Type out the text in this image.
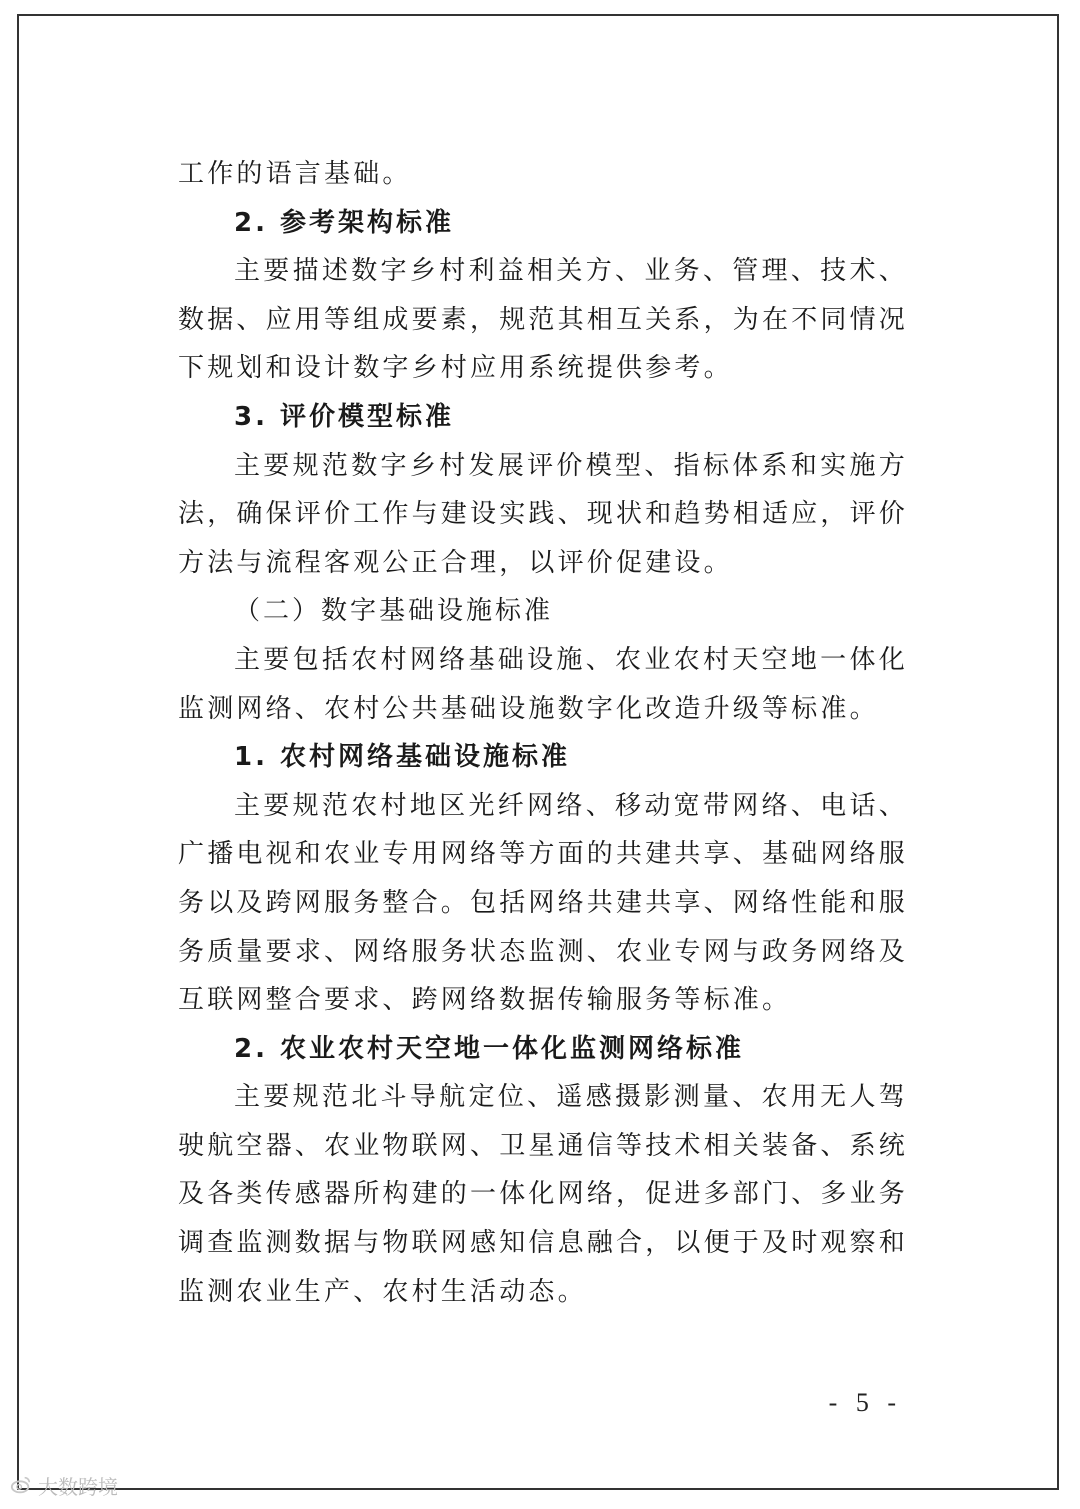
工作的语言基础。

2. 参考架构标准

主要描述数字乡村利益相关方、业务、管理、技术、数据、应用等组成要素，规范其相互关系，为在不同情况下规划和设计数字乡村应用系统提供参考。

3. 评价模型标准

主要规范数字乡村发展评价模型、指标体系和实施方法，确保评价工作与建设实践、现状和趋势相适应，评价方法与流程客观公正合理，以评价促建设。

（二）数字基础设施标准

主要包括农村网络基础设施、农业农村天空地一体化监测网络、农村公共基础设施数字化改造升级等标准。

1. 农村网络基础设施标准

主要规范农村地区光纤网络、移动宽带网络、电话、广播电视和农业专用网络等方面的共建共享、基础网络服务以及跨网服务整合。包括网络共建共享、网络性能和服务质量要求、网络服务状态监测、农业专网与政务网络及互联网整合要求、跨网络数据传输服务等标准。

2. 农业农村天空地一体化监测网络标准

主要规范北斗导航定位、遥感摄影测量、农用无人驾驶航空器、农业物联网、卫星通信等技术相关装备、系统及各类传感器所构建的一体化网络，促进多部门、多业务调查监测数据与物联网感知信息融合，以便于及时观察和监测农业生产、农村生活动态。

- 5 -
大数跨境
